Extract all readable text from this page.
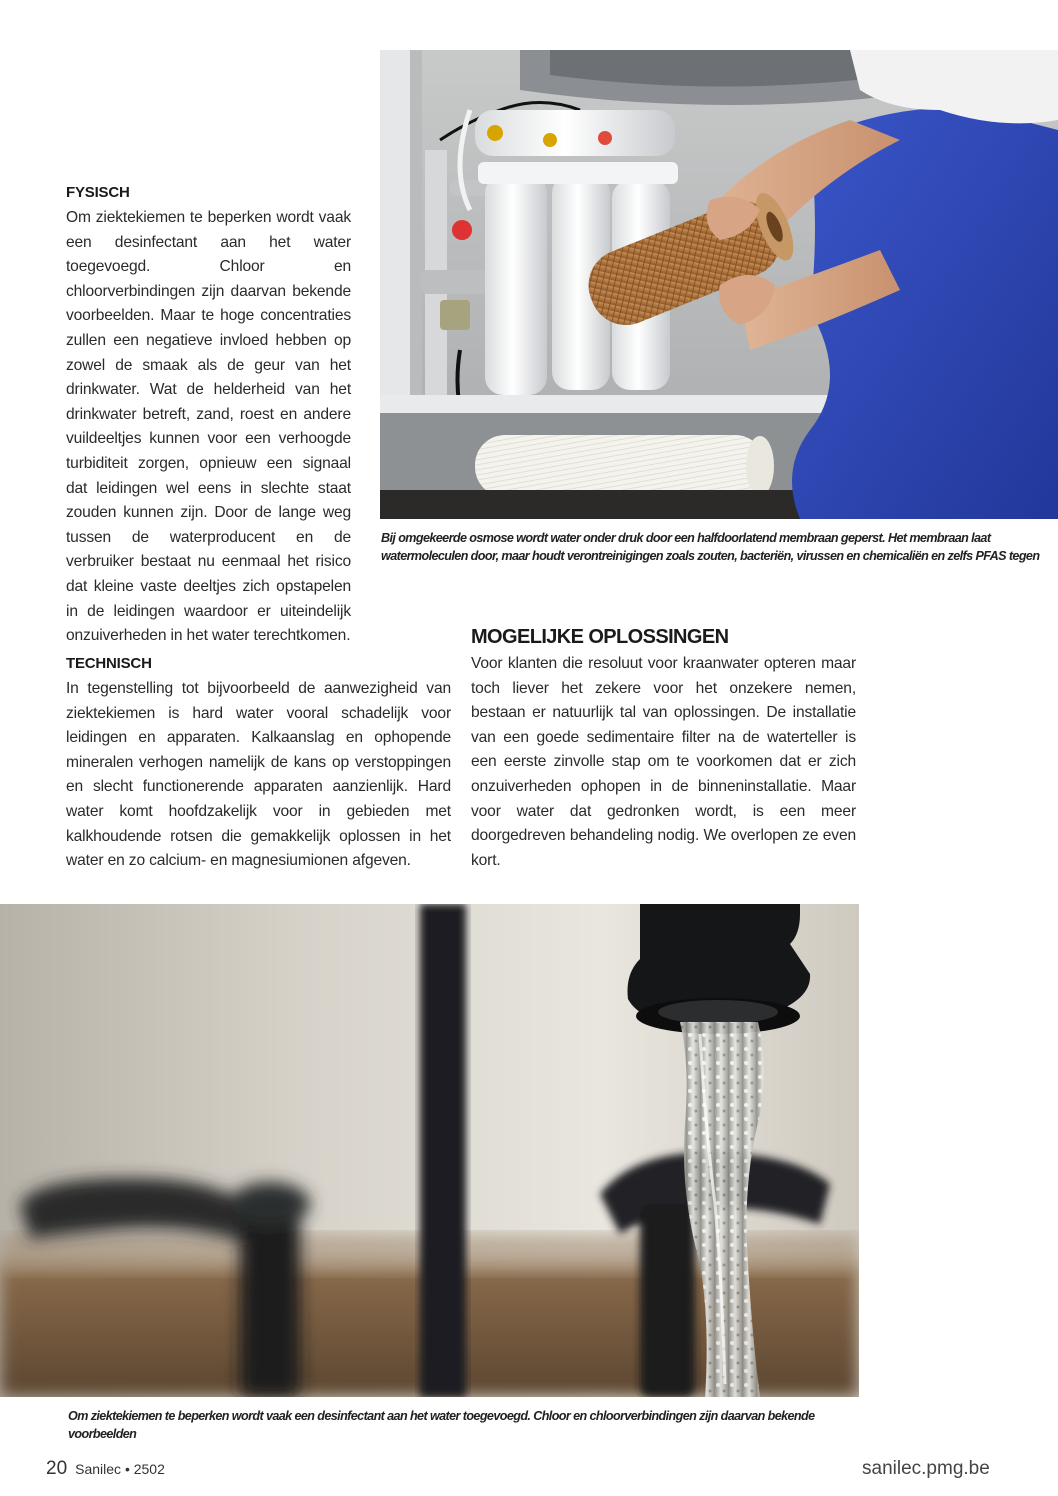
FYSISCH

Om ziektekiemen te beperken wordt vaak een desinfectant aan het water toegevoegd. Chloor en chloorverbindingen zijn daarvan bekende voorbeelden. Maar te hoge concentraties zullen een negatieve invloed hebben op zowel de smaak als de geur van het drinkwater. Wat de helderheid van het drinkwater betreft, zand, roest en andere vuildeeltjes kunnen voor een verhoogde turbiditeit zorgen, opnieuw een signaal dat leidingen wel eens in slechte staat zouden kunnen zijn. Door de lange weg tussen de waterproducent en de verbruiker bestaat nu eenmaal het risico dat kleine vaste deeltjes zich opstapelen in de leidingen waardoor er uiteindelijk onzuiverheden in het water terechtkomen.

Bij omgekeerde osmose wordt water onder druk door een halfdoorlatend membraan geperst. Het membraan laat watermoleculen door, maar houdt verontreinigingen zoals zouten, bacteriën, virussen en chemicaliën en zelfs PFAS tegen

MOGELIJKE OPLOSSINGEN

Voor klanten die resoluut voor kraanwater opteren maar toch liever het zekere voor het onzekere nemen, bestaan er natuurlijk tal van oplossingen. De installatie van een goede sedimentaire filter na de waterteller is een eerste zinvolle stap om te voorkomen dat er zich onzuiverheden ophopen in de binneninstallatie. Maar voor water dat gedronken wordt, is een meer doorgedreven behandeling nodig. We overlopen ze even kort.

TECHNISCH

In tegenstelling tot bijvoorbeeld de aanwezigheid van ziektekiemen is hard water vooral schadelijk voor leidingen en apparaten. Kalkaanslag en ophopende mineralen verhogen namelijk de kans op verstoppingen en slecht functionerende apparaten aanzienlijk. Hard water komt hoofdzakelijk voor in gebieden met kalkhoudende rotsen die gemakkelijk oplossen in het water en zo calcium- en magnesiumionen afgeven.

Om ziektekiemen te beperken wordt vaak een desinfectant aan het water toegevoegd. Chloor en chloorverbindingen zijn daarvan bekende voorbeelden

20 Sanilec • 2502	sanilec.pmg.be
